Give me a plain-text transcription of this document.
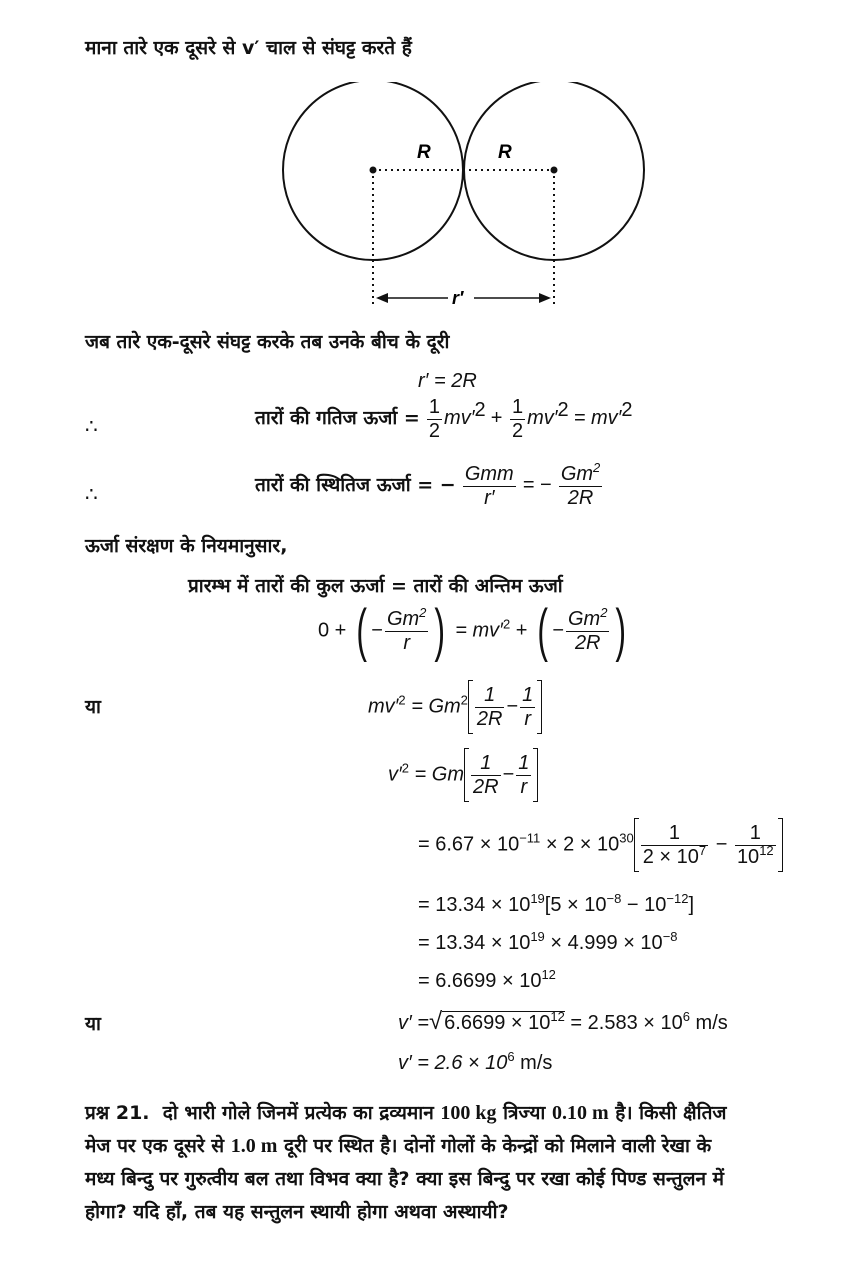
माना तारे एक दूसरे से v′ चाल से संघट्ट करते हैं
R	R
r′
जब तारे एक-दूसरे संघट्ट करके तब उनके बीच के दूरी
r′ = 2R
∴	तारों की गतिज ऊर्जा = $\frac{1}{2} mv'^2 + \frac{1}{2} mv'^2 = mv'^2$
∴	तारों की स्थितिज ऊर्जा = − $\frac{\text{Gmm}}{r'}$ = − $\frac{Gm^2}{2R}$
ऊर्जा संरक्षण के नियमानुसार,
प्रारम्भ में तारों की कुल ऊर्जा = तारों की अन्तिम ऊर्जा
0 + ( − $\frac{Gm^2}{r}$ ) = $mv'^2$ + ( − $\frac{Gm^2}{2R}$ )
या	$mv'^2 = Gm^2 \frac{1}{2R} - \frac{1}{r}$
$v'^2 = Gm \frac{1}{2R} - \frac{1}{r}$
= $6.67 \times 10^{-11} \times 2 \times 10^{30} \frac{1}{2 \times 10^7} - \frac{1}{10^{12}}$
= $13.34 \times 10^{19}[5 \times 10^{-8} - 10^{-12}]$
= $13.34 \times 10^{19} \times 4.999 \times 10^{-8}$
= $6.6699 \times 10^{12}$
या	v′ =√ $6.6699 \times 10^{12} = 2.583 \times 10^6$ m/s
$v' = 2.6 \times 10^6$ m/s
प्रश्न 21. दो भारी गोले जिनमें प्रत्येक का द्रव्यमान 100 kg त्रिज्या 0.10 m है। किसी क्षैतिज
मेज पर एक दूसरे से 1.0 m दूरी पर स्थित है। दोनों गोलों के केन्द्रों को मिलाने वाली रेखा के
मध्य बिन्दु पर गुरुत्वीय बल तथा विभव क्या है? क्या इस बिन्दु पर रखा कोई पिण्ड सन्तुलन में
होगा? यदि हाँ, तब यह सन्तुलन स्थायी होगा अथवा अस्थायी?
